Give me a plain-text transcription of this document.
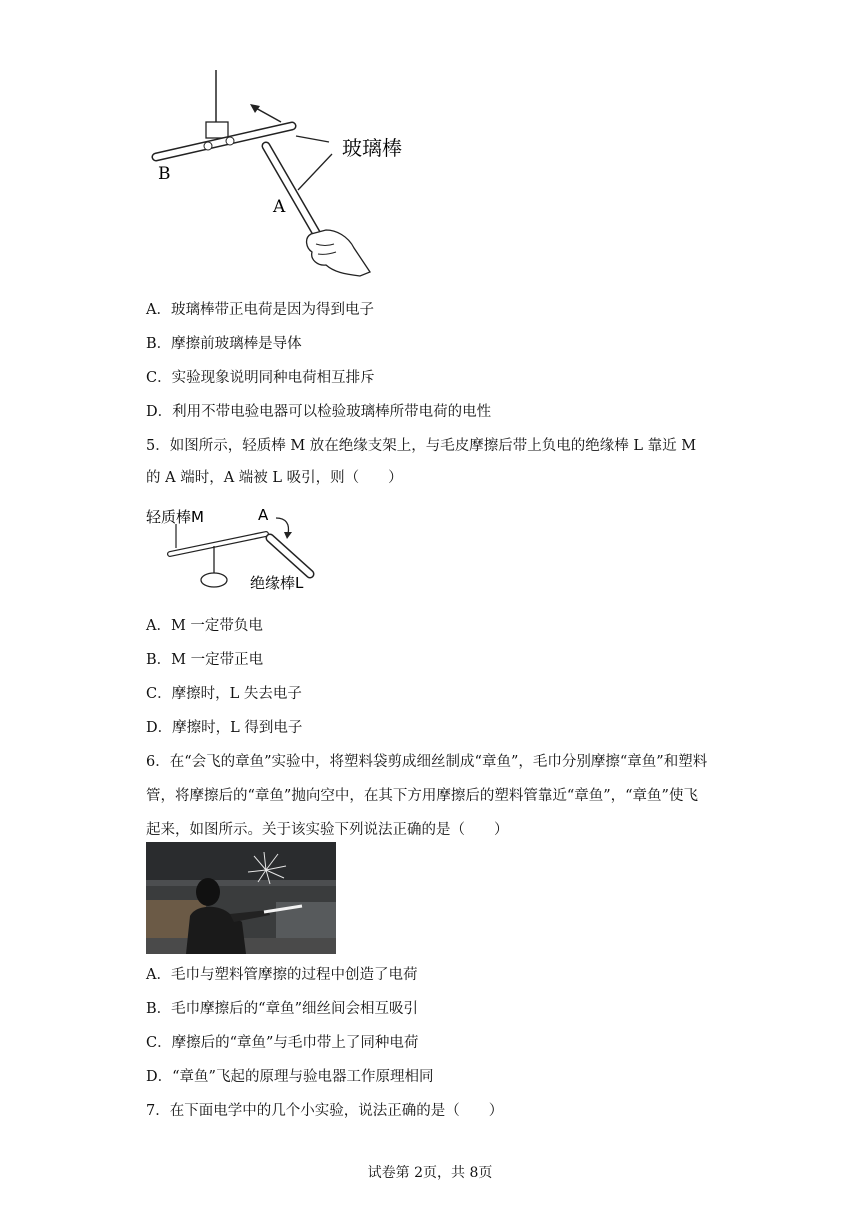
玻璃棒
B
A
A．玻璃棒带正电荷是因为得到电子
B．摩擦前玻璃棒是导体
C．实验现象说明同种电荷相互排斥
D．利用不带电验电器可以检验玻璃棒所带电荷的电性
5．如图所示，轻质棒 M 放在绝缘支架上，与毛皮摩擦后带上负电的绝缘棒 L 靠近 M
的 A 端时，A 端被 L 吸引，则（　　）
轻质棒M	A
绝缘棒L
A．M 一定带负电
B．M 一定带正电
C．摩擦时，L 失去电子
D．摩擦时，L 得到电子
6．在“会飞的章鱼”实验中，将塑料袋剪成细丝制成“章鱼”，毛巾分别摩擦“章鱼”和塑料
管，将摩擦后的“章鱼”抛向空中，在其下方用摩擦后的塑料管靠近“章鱼”，“章鱼”使飞
起来，如图所示。关于该实验下列说法正确的是（　　）
A．毛巾与塑料管摩擦的过程中创造了电荷
B．毛巾摩擦后的“章鱼”细丝间会相互吸引
C．摩擦后的“章鱼”与毛巾带上了同种电荷
D．“章鱼”飞起的原理与验电器工作原理相同
7．在下面电学中的几个小实验，说法正确的是（　　）
试卷第 2页，共 8页
